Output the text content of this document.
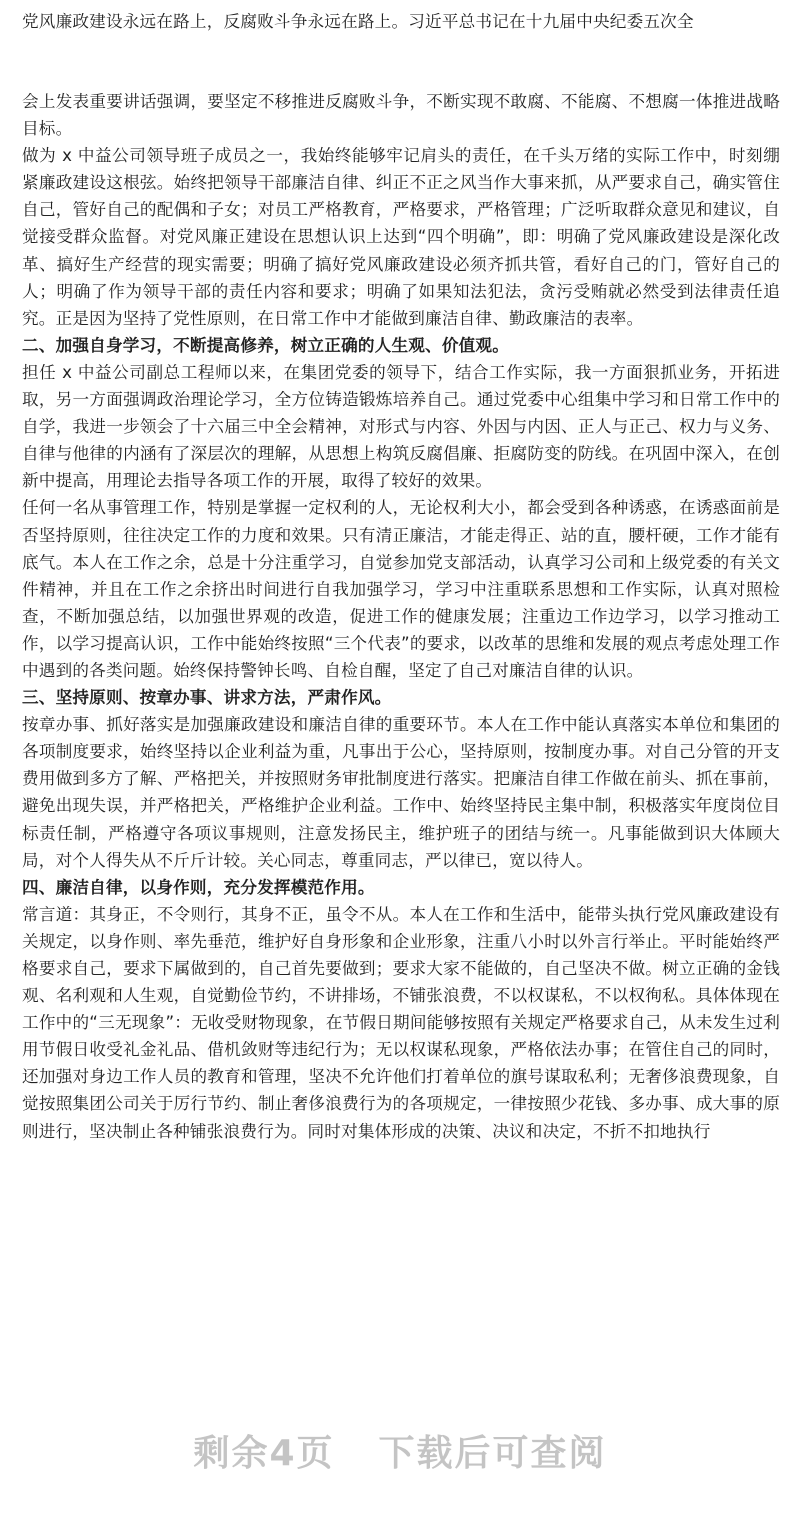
党风廉政建设永远在路上，反腐败斗争永远在路上。习近平总书记在十九届中央纪委五次全

会上发表重要讲话强调，要坚定不移推进反腐败斗争，不断实现不敢腐、不能腐、不想腐一体推进战略目标。

做为 x 中益公司领导班子成员之一，我始终能够牢记肩头的责任，在千头万绪的实际工作中，时刻绷紧廉政建设这根弦。始终把领导干部廉洁自律、纠正不正之风当作大事来抓，从严要求自己，确实管住自己，管好自己的配偶和子女；对员工严格教育，严格要求，严格管理；广泛听取群众意见和建议，自觉接受群众监督。对党风廉正建设在思想认识上达到“四个明确”，即：明确了党风廉政建设是深化改革、搞好生产经营的现实需要；明确了搞好党风廉政建设必须齐抓共管，看好自己的门，管好自己的人；明确了作为领导干部的责任内容和要求；明确了如果知法犯法，贪污受贿就必然受到法律责任追究。正是因为坚持了党性原则，在日常工作中才能做到廉洁自律、勤政廉洁的表率。

二、加强自身学习，不断提高修养，树立正确的人生观、价值观。

担任 x 中益公司副总工程师以来，在集团党委的领导下，结合工作实际，我一方面狠抓业务，开拓进取，另一方面强调政治理论学习，全方位铸造锻炼培养自己。通过党委中心组集中学习和日常工作中的自学，我进一步领会了十六届三中全会精神，对形式与内容、外因与内因、正人与正己、权力与义务、自律与他律的内涵有了深层次的理解，从思想上构筑反腐倡廉、拒腐防变的防线。在巩固中深入，在创新中提高，用理论去指导各项工作的开展，取得了较好的效果。

任何一名从事管理工作，特别是掌握一定权利的人，无论权利大小，都会受到各种诱惑，在诱惑面前是否坚持原则，往往决定工作的力度和效果。只有清正廉洁，才能走得正、站的直，腰杆硬，工作才能有底气。本人在工作之余，总是十分注重学习，自觉参加党支部活动，认真学习公司和上级党委的有关文件精神，并且在工作之余挤出时间进行自我加强学习，学习中注重联系思想和工作实际，认真对照检查，不断加强总结，以加强世界观的改造，促进工作的健康发展；注重边工作边学习，以学习推动工作，以学习提高认识，工作中能始终按照“三个代表”的要求，以改革的思维和发展的观点考虑处理工作中遇到的各类问题。始终保持警钟长鸣、自检自醒，坚定了自己对廉洁自律的认识。

三、坚持原则、按章办事、讲求方法，严肃作风。

按章办事、抓好落实是加强廉政建设和廉洁自律的重要环节。本人在工作中能认真落实本单位和集团的各项制度要求，始终坚持以企业利益为重，凡事出于公心，坚持原则，按制度办事。对自己分管的开支费用做到多方了解、严格把关，并按照财务审批制度进行落实。把廉洁自律工作做在前头、抓在事前，避免出现失误，并严格把关，严格维护企业利益。工作中、始终坚持民主集中制，积极落实年度岗位目标责任制，严格遵守各项议事规则，注意发扬民主，维护班子的团结与统一。凡事能做到识大体顾大局，对个人得失从不斤斤计较。关心同志，尊重同志，严以律已，宽以待人。

四、廉洁自律，以身作则，充分发挥模范作用。

常言道：其身正，不令则行，其身不正，虽令不从。本人在工作和生活中，能带头执行党风廉政建设有关规定，以身作则、率先垂范，维护好自身形象和企业形象，注重八小时以外言行举止。平时能始终严格要求自己，要求下属做到的，自己首先要做到；要求大家不能做的，自己坚决不做。树立正确的金钱观、名利观和人生观，自觉勤俭节约，不讲排场，不铺张浪费，不以权谋私，不以权徇私。具体体现在工作中的“三无现象”：无收受财物现象，在节假日期间能够按照有关规定严格要求自己，从未发生过利用节假日收受礼金礼品、借机敛财等违纪行为；无以权谋私现象，严格依法办事；在管住自己的同时，还加强对身边工作人员的教育和管理，坚决不允许他们打着单位的旗号谋取私利；无奢侈浪费现象，自觉按照集团公司关于厉行节约、制止奢侈浪费行为的各项规定，一律按照少花钱、多办事、成大事的原则进行，坚决制止各种铺张浪费行为。同时对集体形成的决策、决议和决定，不折不扣地执行

剩余4页 下载后可查阅
